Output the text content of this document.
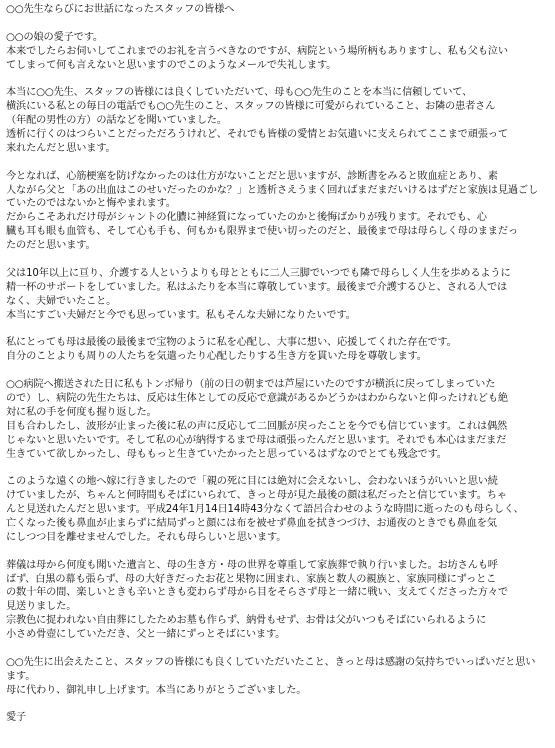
○○先生ならびにお世話になったスタッフの皆様へ
○○の娘の愛子です。
本来でしたらお伺いしてこれまでのお礼を言うべきなのですが、病院という場所柄もありますし、私も父も泣い
てしまって何も言えないと思いますのでこのようなメールで失礼します。
本当に○○先生、スタッフの皆様には良くしていただいて、母も○○先生のことを本当に信頼していて、
横浜にいる私との毎日の電話でも○○先生のこと、スタッフの皆様に可愛がられていること、お隣の患者さん
（年配の男性の方）の話などを聞いていました。
透析に行くのはつらいことだっただろうけれど、それでも皆様の愛情とお気遣いに支えられてここまで頑張って
来れたんだと思います。
今となれば、心筋梗塞を防げなかったのは仕方がないことだと思いますが、診断書をみると敗血症とあり、素
人ながら父と「あの出血はこのせいだったのかな？」と透析さえうまく回ればまだまだいけるはずだと家族は見過ごし
ていたのではないかと悔やまれます。
だからこそあれだけ母がシャントの化膿に神経質になっていたのかと後悔ばかりが残ります。それでも、心
臓も耳も眼も血管も、そして心も手も、何もかも限界まで使い切ったのだと、最後まで母は母らしく母のままだっ
たのだと思います。
父は10年以上に亘り、介護する人というよりも母とともに二人三脚でいつでも隣で母らしく人生を歩めるように
精一杯のサポートをしていました。私はふたりを本当に尊敬しています。最後まで介護するひと、される人では
なく、夫婦でいたこと。
本当にすごい夫婦だと今でも思っています。私もそんな夫婦になりたいです。
私にとっても母は最後の最後まで宝物のように私を心配し、大事に想い、応援してくれた存在です。
自分のことよりも周りの人たちを気遣ったり心配したりする生き方を貫いた母を尊敬します。
○○病院へ搬送された日に私もトンボ帰り（前の日の朝までは芦屋にいたのですが横浜に戻ってしまっていた
ので）し、病院の先生たちは、反応は生体としての反応で意識があるかどうかはわからないと仰ったけれども絶
対に私の手を何度も握り返した。
目も合わしたし、波形が止まった後に私の声に反応して二回脈が戻ったことを今でも信じています。これは偶然
じゃないと思いたいです。そして私の心が納得するまで母は頑張ったんだと思います。それでも本心はまだまだ
生きていて欲しかったし、母ももっと生きていたかったと思っているはずなのでとても残念です。
このような遠くの地へ嫁に行きましたので「親の死に目には絶対に会えないし、会わないほうがいいと思い続
けていましたが、ちゃんと何時間もそばにいられて、きっと母が見た最後の顔は私だったと信じています。ちゃ
んと見送れたんだと思います。平成24年1月14日14時43分なくて語呂合わせのような時間に逝ったのも母らしく、
亡くなった後も鼻血が止まらずに結局ずっと顔には布を被せず鼻血を拭きつづけ、お通夜のときでも鼻血を気
にしつつ目を離せませんでした。それも母らしいと思います。
葬儀は母から何度も聞いた遺言と、母の生き方・母の世界を尊重して家族葬で執り行いました。お坊さんも呼
ばず、白黒の幕も張らず、母の大好きだったお花と果物に囲まれ、家族と数人の親族と、家族同様にずっとこ
の数十年の間、楽しいときも辛いときも変わらず母から目をそらさず母と一緒に戦い、支えてくださった方々で
見送りました。
宗教色に捉われない自由葬にしたためお墓も作らず、納骨もせず、お骨は父がいつもそばにいられるように
小さめ骨壺にしていただき、父と一緒にずっとそばにいます。
○○先生に出会えたこと、スタッフの皆様にも良くしていただいたこと、きっと母は感謝の気持ちでいっぱいだと思い
ます。
母に代わり、御礼申し上げます。本当にありがとうございました。
愛子
